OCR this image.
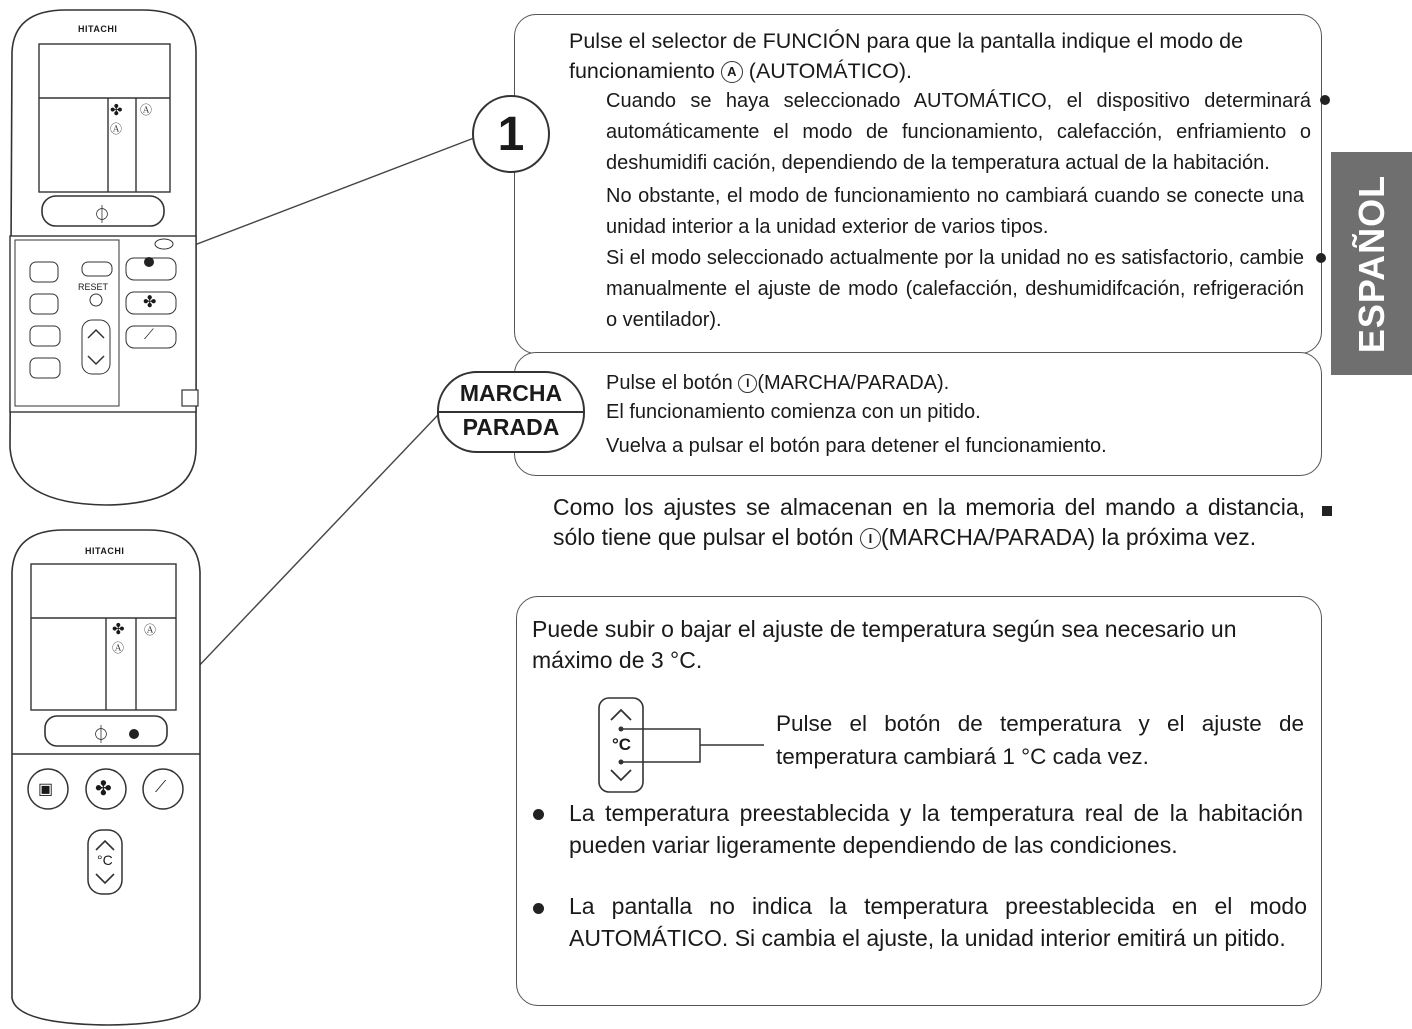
HITACHI
✤ Ⓐ
Ⓐ
⏀
RESET
✤
⟋
HITACHI
✤ Ⓐ
Ⓐ
⏀
▣ ✤	⟋
°C
ESPAÑOL
1

Pulse el selector de FUNCIÓN para que la pantalla indique el modo de

funcionamiento A (AUTOMÁTICO).

Cuando se haya seleccionado AUTOMÁTICO, el dispositivo determinará automáticamente el modo de funcionamiento, calefacción, enfriamiento o deshumidifi cación, dependiendo de la temperatura actual de la habitación.

No obstante, el modo de funcionamiento no cambiará cuando se conecte una unidad interior a la unidad exterior de varios tipos.

Si el modo seleccionado actualmente por la unidad no es satisfactorio, cambie manualmente el ajuste de modo (calefacción, deshumidifcación, refrigeración o ventilador).

MARCHA
PARADA

Pulse el botón I (MARCHA/PARADA).

El funcionamiento comienza con un pitido.

Vuelva a pulsar el botón para detener el funcionamiento.

Como los ajustes se almacenan en la memoria del mando a distancia, sólo tiene que pulsar el botón I (MARCHA/PARADA) la próxima vez.

Puede subir o bajar el ajuste de temperatura según sea necesario un máximo de 3 °C.

°C

Pulse el botón de temperatura y el ajuste de temperatura cambiará 1 °C cada vez.

La temperatura preestablecida y la temperatura real de la habitación pueden variar ligeramente dependiendo de las condiciones.

La pantalla no indica la temperatura preestablecida en el modo AUTOMÁTICO. Si cambia el ajuste, la unidad interior emitirá un pitido.
